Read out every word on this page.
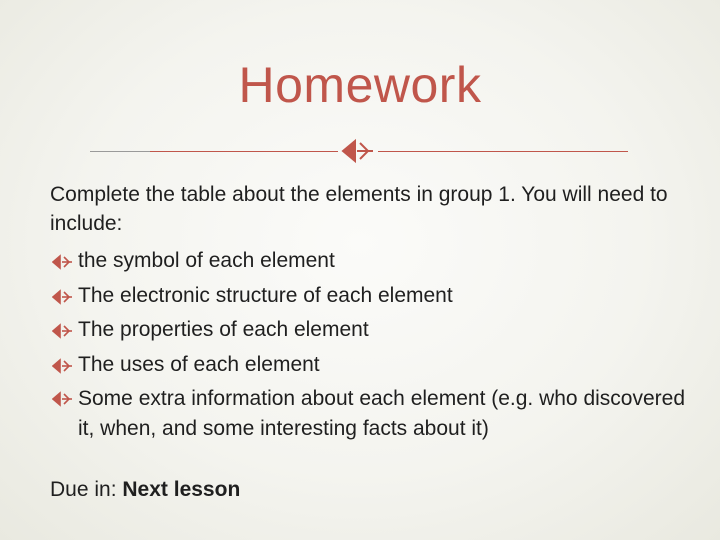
Homework

Complete the table about the elements in group 1. You will need to include:

the symbol of each element
The electronic structure of each element
The properties of each element
The uses of each element
Some extra information about each element (e.g. who discovered it, when, and some interesting facts about it)
Due in: Next lesson
